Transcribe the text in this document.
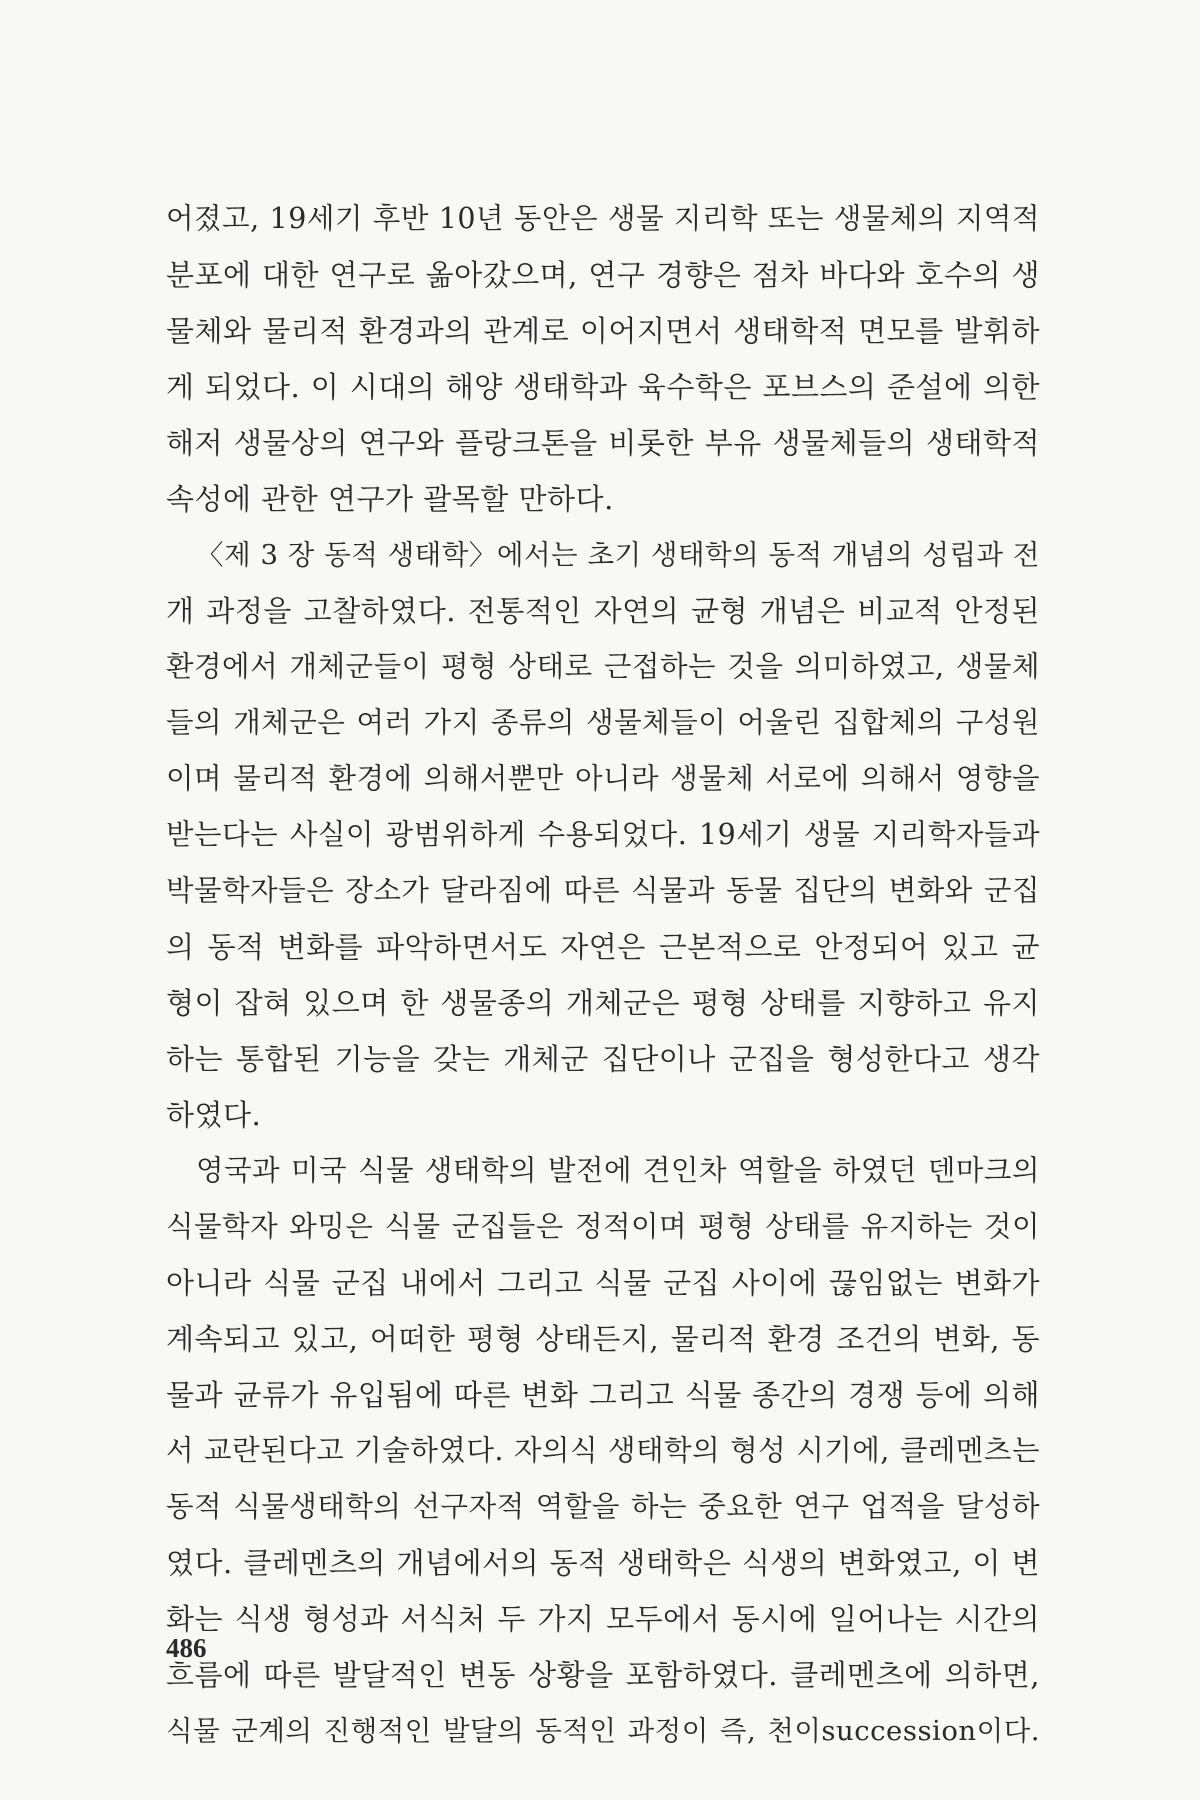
어졌고, 19세기 후반 10년 동안은 생물 지리학 또는 생물체의 지역적
분포에 대한 연구로 옮아갔으며, 연구 경향은 점차 바다와 호수의 생
물체와 물리적 환경과의 관계로 이어지면서 생태학적 면모를 발휘하
게 되었다. 이 시대의 해양 생태학과 육수학은 포브스의 준설에 의한
해저 생물상의 연구와 플랑크톤을 비롯한 부유 생물체들의 생태학적
속성에 관한 연구가 괄목할 만하다.
〈제 3 장 동적 생태학〉에서는 초기 생태학의 동적 개념의 성립과 전
개 과정을 고찰하였다. 전통적인 자연의 균형 개념은 비교적 안정된
환경에서 개체군들이 평형 상태로 근접하는 것을 의미하였고, 생물체
들의 개체군은 여러 가지 종류의 생물체들이 어울린 집합체의 구성원
이며 물리적 환경에 의해서뿐만 아니라 생물체 서로에 의해서 영향을
받는다는 사실이 광범위하게 수용되었다. 19세기 생물 지리학자들과
박물학자들은 장소가 달라짐에 따른 식물과 동물 집단의 변화와 군집
의 동적 변화를 파악하면서도 자연은 근본적으로 안정되어 있고 균
형이 잡혀 있으며 한 생물종의 개체군은 평형 상태를 지향하고 유지
하는 통합된 기능을 갖는 개체군 집단이나 군집을 형성한다고 생각
하였다.
영국과 미국 식물 생태학의 발전에 견인차 역할을 하였던 덴마크의
식물학자 와밍은 식물 군집들은 정적이며 평형 상태를 유지하는 것이
아니라 식물 군집 내에서 그리고 식물 군집 사이에 끊임없는 변화가
계속되고 있고, 어떠한 평형 상태든지, 물리적 환경 조건의 변화, 동
물과 균류가 유입됨에 따른 변화 그리고 식물 종간의 경쟁 등에 의해
서 교란된다고 기술하였다. 자의식 생태학의 형성 시기에, 클레멘츠는
동적 식물생태학의 선구자적 역할을 하는 중요한 연구 업적을 달성하
였다. 클레멘츠의 개념에서의 동적 생태학은 식생의 변화였고, 이 변
화는 식생 형성과 서식처 두 가지 모두에서 동시에 일어나는 시간의
흐름에 따른 발달적인 변동 상황을 포함하였다. 클레멘츠에 의하면,
식물 군계의 진행적인 발달의 동적인 과정이 즉, 천이succession이다.
486
